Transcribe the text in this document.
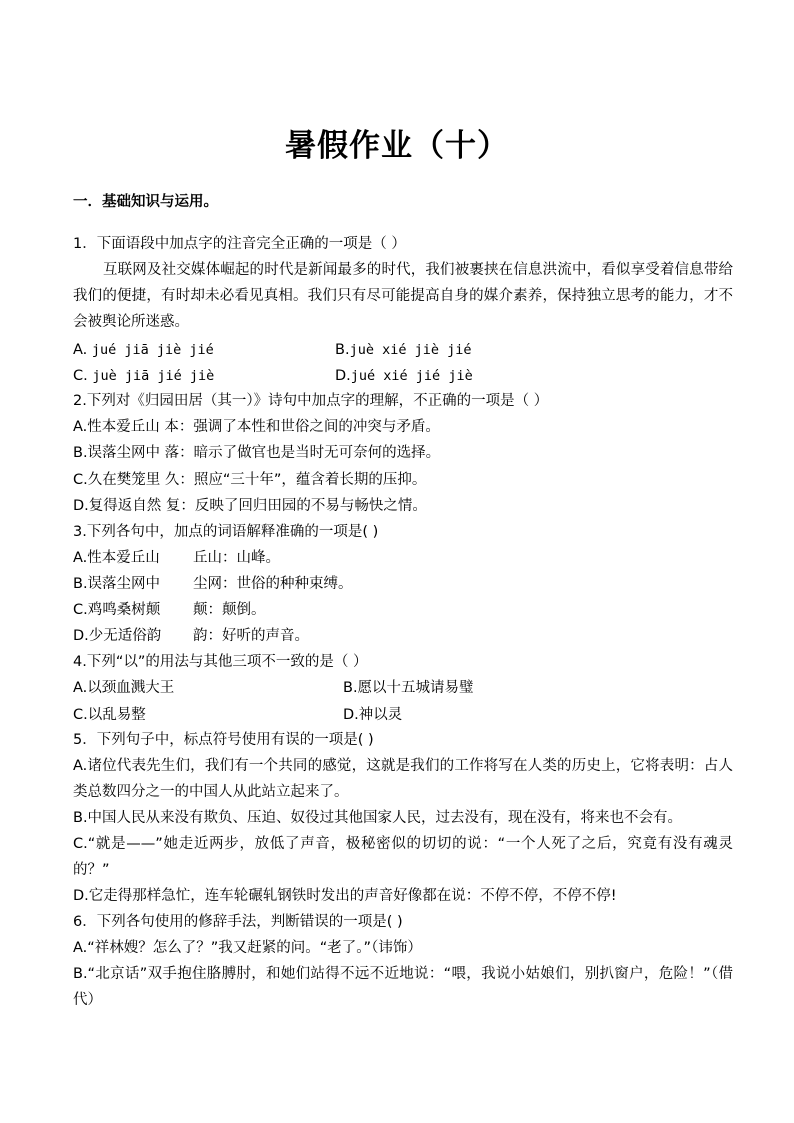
暑假作业（十）
一．基础知识与运用。
1．下面语段中加点字的注音完全正确的一项是（ ）
互联网及社交媒体崛起的时代是新闻最多的时代，我们被裹挟在信息洪流中，看似享受着信息带给我们的便捷，有时却未必看见真相。我们只有尽可能提高自身的媒介素养，保持独立思考的能力，才不会被舆论所迷惑。
A. jué jiā jiè jié	B.juè xié jiè jié
C. juè jiā jié jiè	D.jué xié jié jiè
2.下列对《归园田居（其一）》诗句中加点字的理解，不正确的一项是（ ）
A.性本爱丘山 本：强调了本性和世俗之间的冲突与矛盾。
B.误落尘网中 落：暗示了做官也是当时无可奈何的选择。
C.久在樊笼里 久：照应“三十年”，蕴含着长期的压抑。
D.复得返自然 复：反映了回归田园的不易与畅快之情。
3.下列各句中，加点的词语解释准确的一项是( )
A.性本爱丘山 丘山：山峰。
B.误落尘网中 尘网：世俗的种种束缚。
C.鸡鸣桑树颠 颠：颠倒。
D.少无适俗韵 韵：好听的声音。
4.下列“以”的用法与其他三项不一致的是（ ）
A.以颈血溅大王	B.愿以十五城请易璧
C.以乱易整	D.神以灵
5．下列句子中，标点符号使用有误的一项是( )
A.诸位代表先生们，我们有一个共同的感觉，这就是我们的工作将写在人类的历史上，它将表明：占人类总数四分之一的中国人从此站立起来了。
B.中国人民从来没有欺负、压迫、奴役过其他国家人民，过去没有，现在没有，将来也不会有。
C.“就是——”她走近两步，放低了声音，极秘密似的切切的说：“一个人死了之后，究竟有没有魂灵的？”
D.它走得那样急忙，连车轮碾轧钢铁时发出的声音好像都在说：不停不停，不停不停!
6．下列各句使用的修辞手法，判断错误的一项是( )
A.“祥林嫂？怎么了？”我又赶紧的问。“老了。”（讳饰）
B.“北京话”双手抱住胳膊肘，和她们站得不远不近地说：“喂，我说小姑娘们，别扒窗户，危险！”（借代）
